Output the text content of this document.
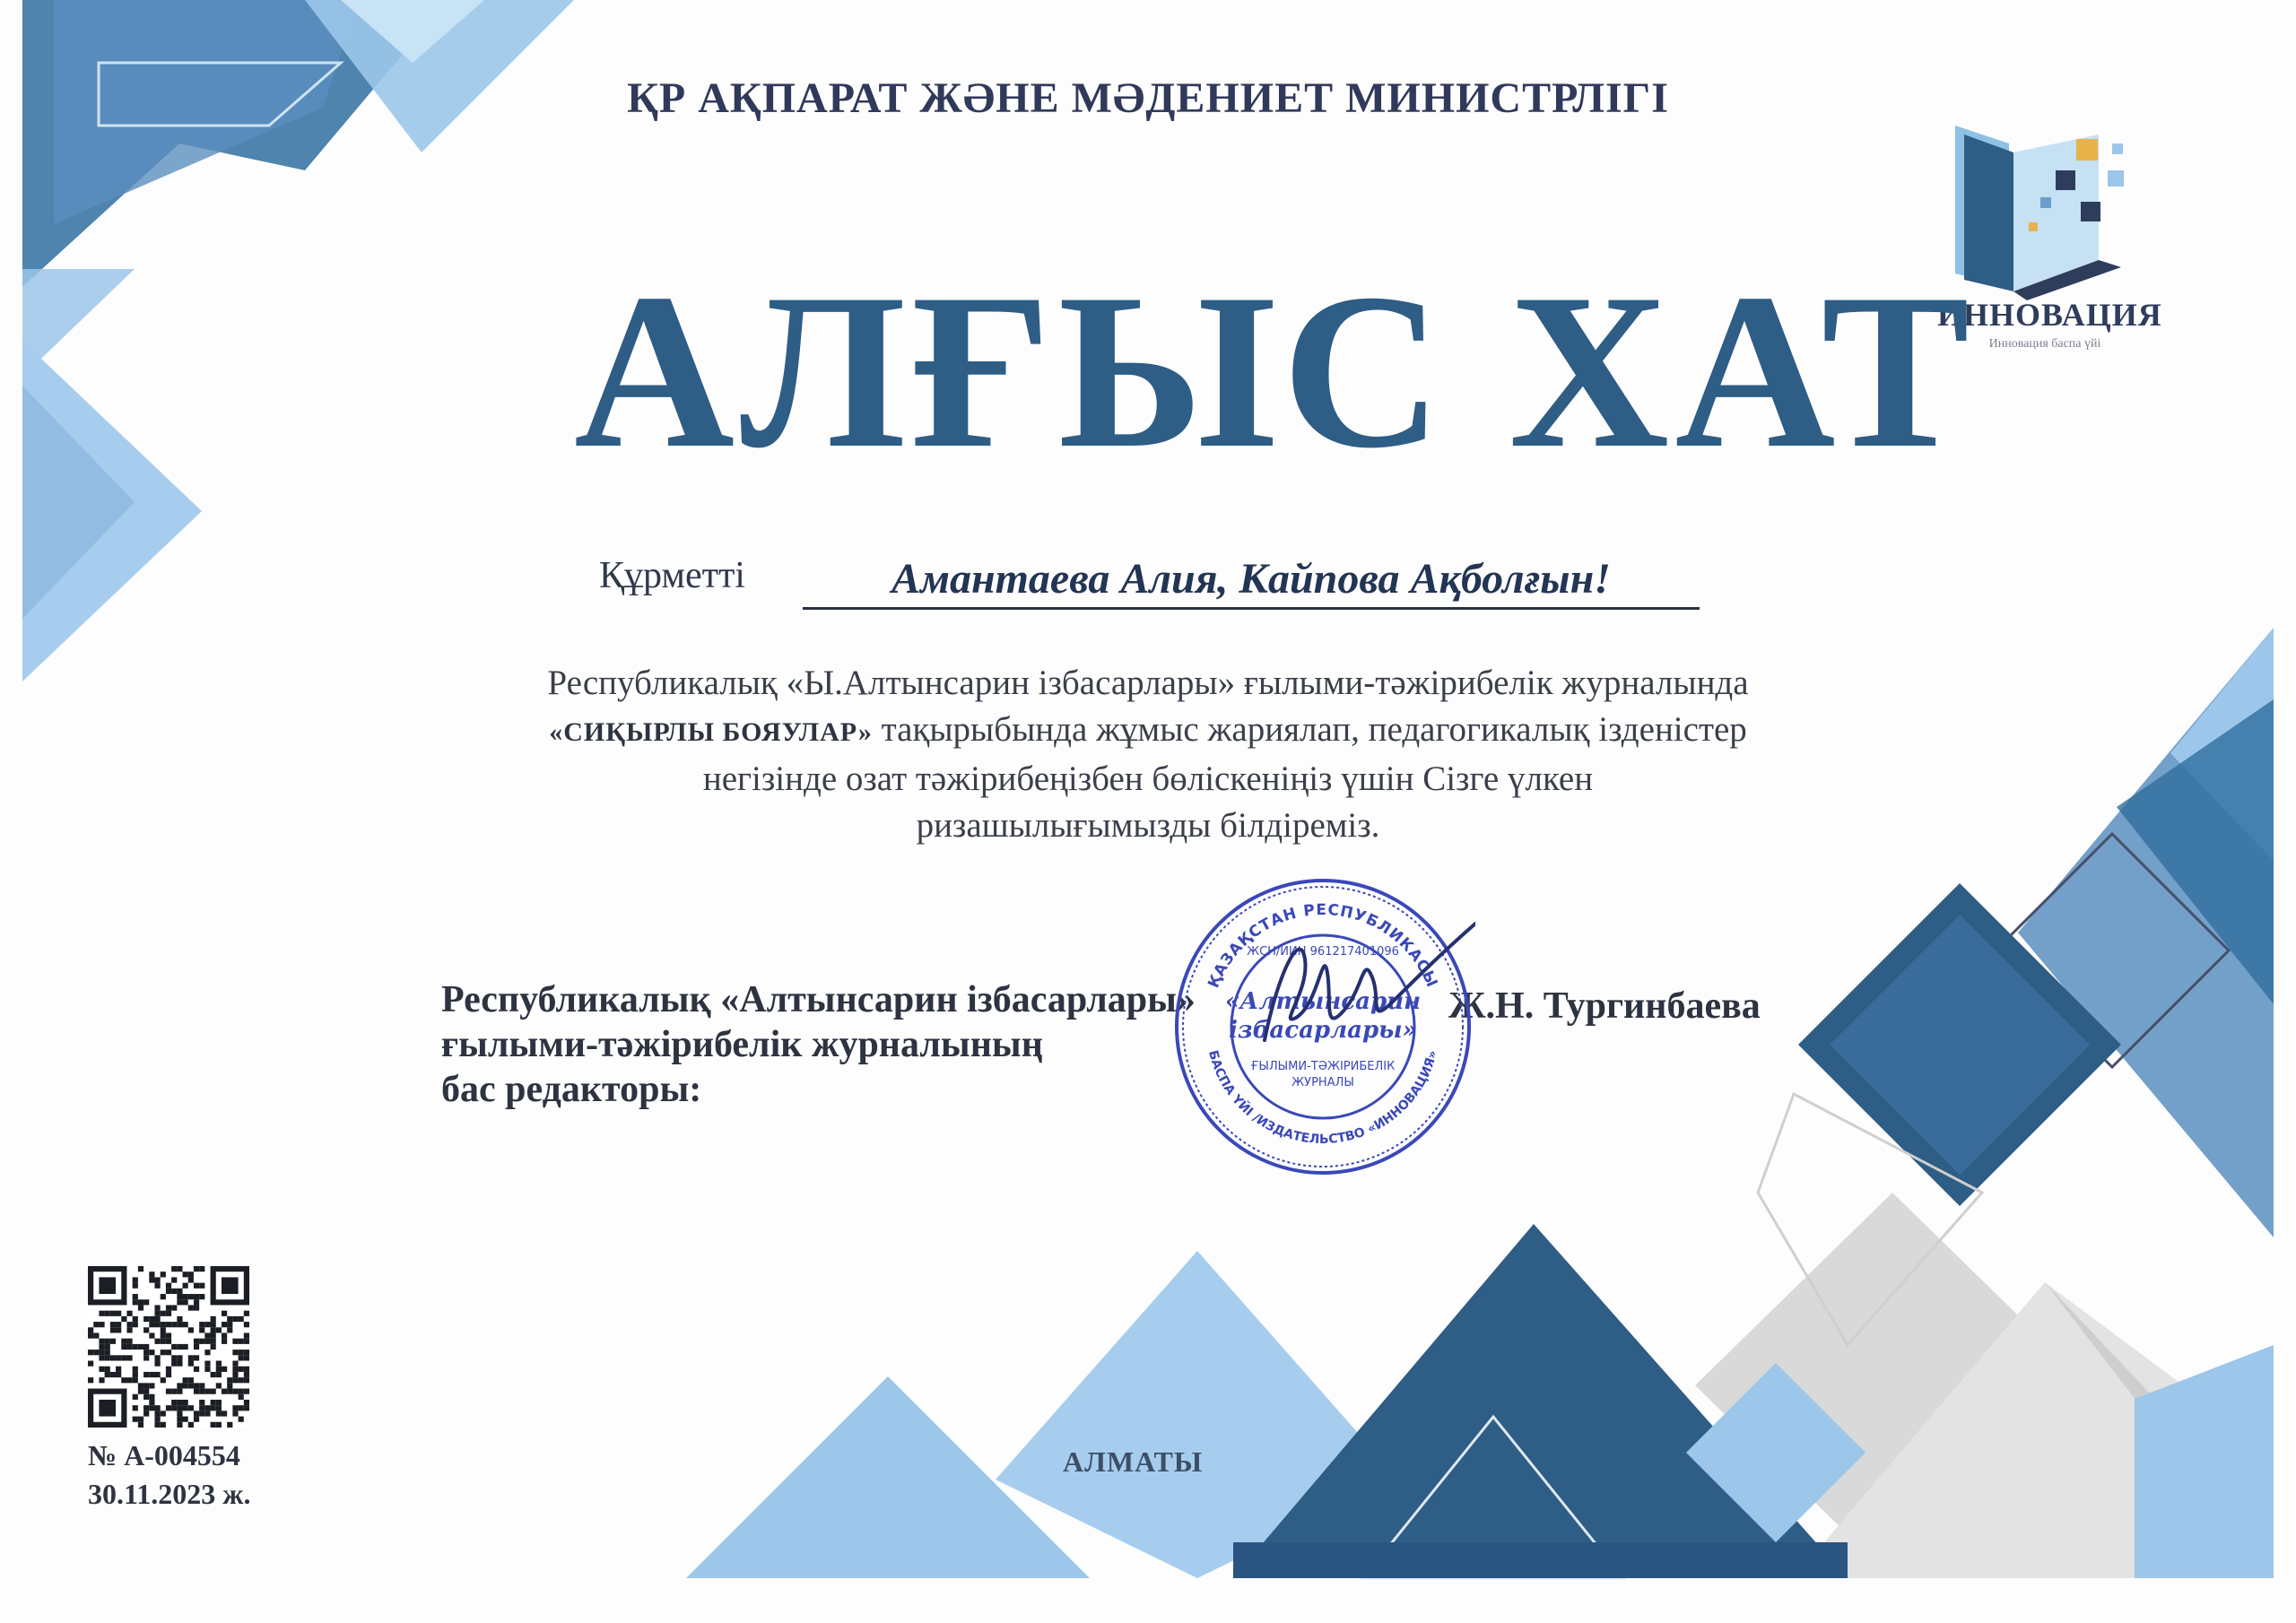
ҚР АҚПАРАТ ЖӘНЕ МӘДЕНИЕТ МИНИСТРЛІГІ
ИННОВАЦИЯ
Инновация баспа үйі
АЛҒЫС ХАТ
Құрметті	Амантаева Алия, Кайпова Ақболғын!
Республикалық «Ы.Алтынсарин ізбасарлары» ғылыми-тәжірибелік журналында
«СИҚЫРЛЫ БОЯУЛАР» тақырыбында жұмыс жариялап, педагогикалық ізденістер
негізінде озат тәжірибеңізбен бөліскеніңіз үшін Сізге үлкен
ризашылығымызды білдіреміз.
Республикалық «Алтынсарин ізбасарлары»
ғылыми-тәжірибелік журналының
бас редакторы:
Ж.Н. Тургинбаева
ҚАЗАҚСТАН РЕСПУБЛИКАСЫ
БАСПА ҮЙІ /ИЗДАТЕЛЬСТВО «ИННОВАЦИЯ»
ЖСН/ИИН 961217401096
«Алтынсарин
ізбасарлары»
ҒЫЛЫМИ-ТӘЖІРИБЕЛІК
ЖУРНАЛЫ
№ А-004554
30.11.2023 ж.
АЛМАТЫ
